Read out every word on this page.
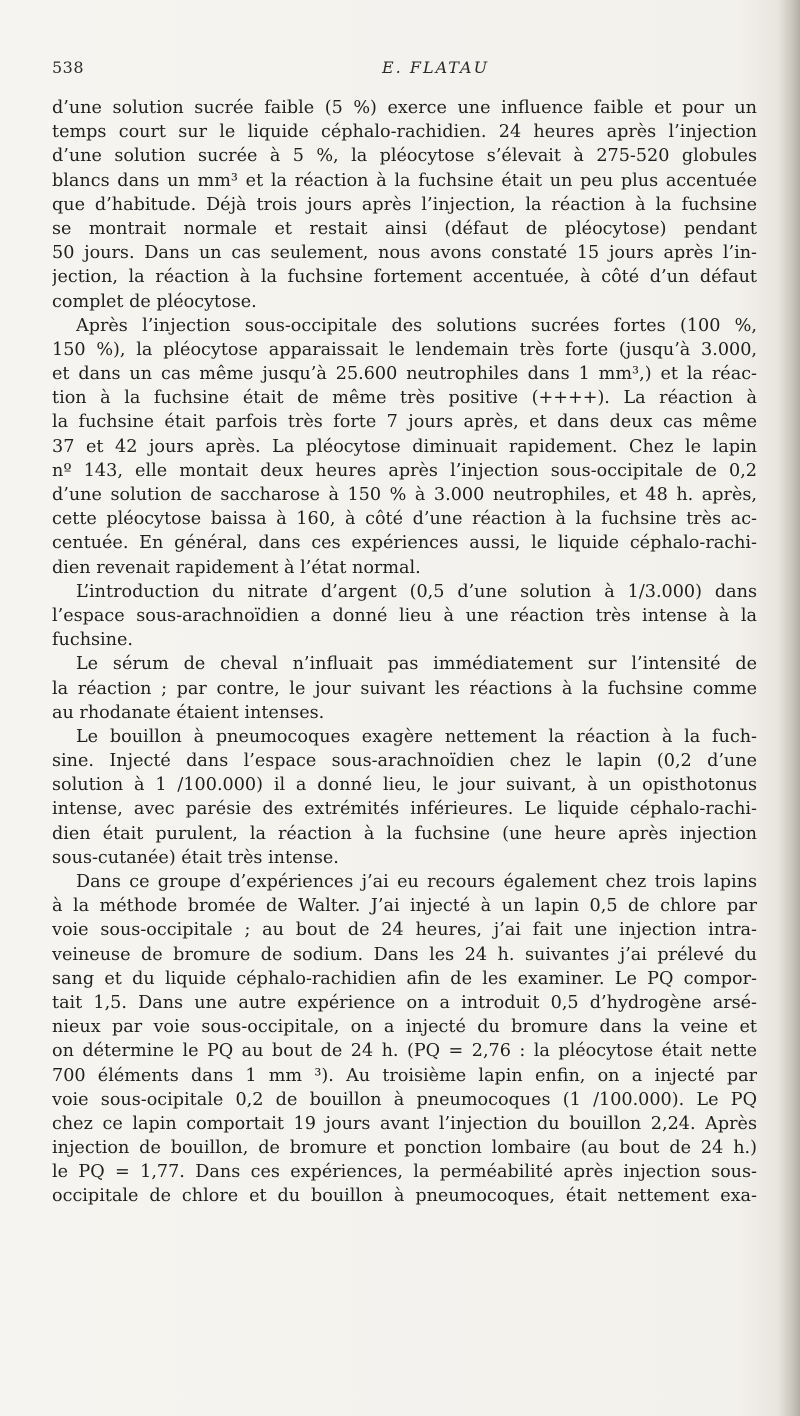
538	E. FLATAU
d’une solution sucrée faible (5 %) exerce une influence faible et pour un
temps court sur le liquide céphalo-rachidien. 24 heures après l’injection
d’une solution sucrée à 5 %, la pléocytose s’élevait à 275-520 globules
blancs dans un mm³ et la réaction à la fuchsine était un peu plus accentuée
que d’habitude. Déjà trois jours après l’injection, la réaction à la fuchsine
se montrait normale et restait ainsi (défaut de pléocytose) pendant
50 jours. Dans un cas seulement, nous avons constaté 15 jours après l’in-
jection, la réaction à la fuchsine fortement accentuée, à côté d’un défaut
complet de pléocytose.
Après l’injection sous-occipitale des solutions sucrées fortes (100 %,
150 %), la pléocytose apparaissait le lendemain très forte (jusqu’à 3.000,
et dans un cas même jusqu’à 25.600 neutrophiles dans 1 mm³,) et la réac-
tion à la fuchsine était de même très positive (++++). La réaction à
la fuchsine était parfois très forte 7 jours après, et dans deux cas même
37 et 42 jours après. La pléocytose diminuait rapidement. Chez le lapin
nº 143, elle montait deux heures après l’injection sous-occipitale de 0,2
d’une solution de saccharose à 150 % à 3.000 neutrophiles, et 48 h. après,
cette pléocytose baissa à 160, à côté d’une réaction à la fuchsine très ac-
centuée. En général, dans ces expériences aussi, le liquide céphalo-rachi-
dien revenait rapidement à l’état normal.
L’introduction du nitrate d’argent (0,5 d’une solution à 1/3.000) dans
l’espace sous-arachnoïdien a donné lieu à une réaction très intense à la
fuchsine.
Le sérum de cheval n’influait pas immédiatement sur l’intensité de
la réaction ; par contre, le jour suivant les réactions à la fuchsine comme
au rhodanate étaient intenses.
Le bouillon à pneumocoques exagère nettement la réaction à la fuch-
sine. Injecté dans l’espace sous-arachnoïdien chez le lapin (0,2 d’une
solution à 1 /100.000) il a donné lieu, le jour suivant, à un opisthotonus
intense, avec parésie des extrémités inférieures. Le liquide céphalo-rachi-
dien était purulent, la réaction à la fuchsine (une heure après injection
sous-cutanée) était très intense.
Dans ce groupe d’expériences j’ai eu recours également chez trois lapins
à la méthode bromée de Walter. J’ai injecté à un lapin 0,5 de chlore par
voie sous-occipitale ; au bout de 24 heures, j’ai fait une injection intra-
veineuse de bromure de sodium. Dans les 24 h. suivantes j’ai prélevé du
sang et du liquide céphalo-rachidien afin de les examiner. Le PQ compor-
tait 1,5. Dans une autre expérience on a introduit 0,5 d’hydrogène arsé-
nieux par voie sous-occipitale, on a injecté du bromure dans la veine et
on détermine le PQ au bout de 24 h. (PQ = 2,76 : la pléocytose était nette
700 éléments dans 1 mm ³). Au troisième lapin enfin, on a injecté par
voie sous-ocipitale 0,2 de bouillon à pneumocoques (1 /100.000). Le PQ
chez ce lapin comportait 19 jours avant l’injection du bouillon 2,24. Après
injection de bouillon, de bromure et ponction lombaire (au bout de 24 h.)
le PQ = 1,77. Dans ces expériences, la perméabilité après injection sous-
occipitale de chlore et du bouillon à pneumocoques, était nettement exa-
